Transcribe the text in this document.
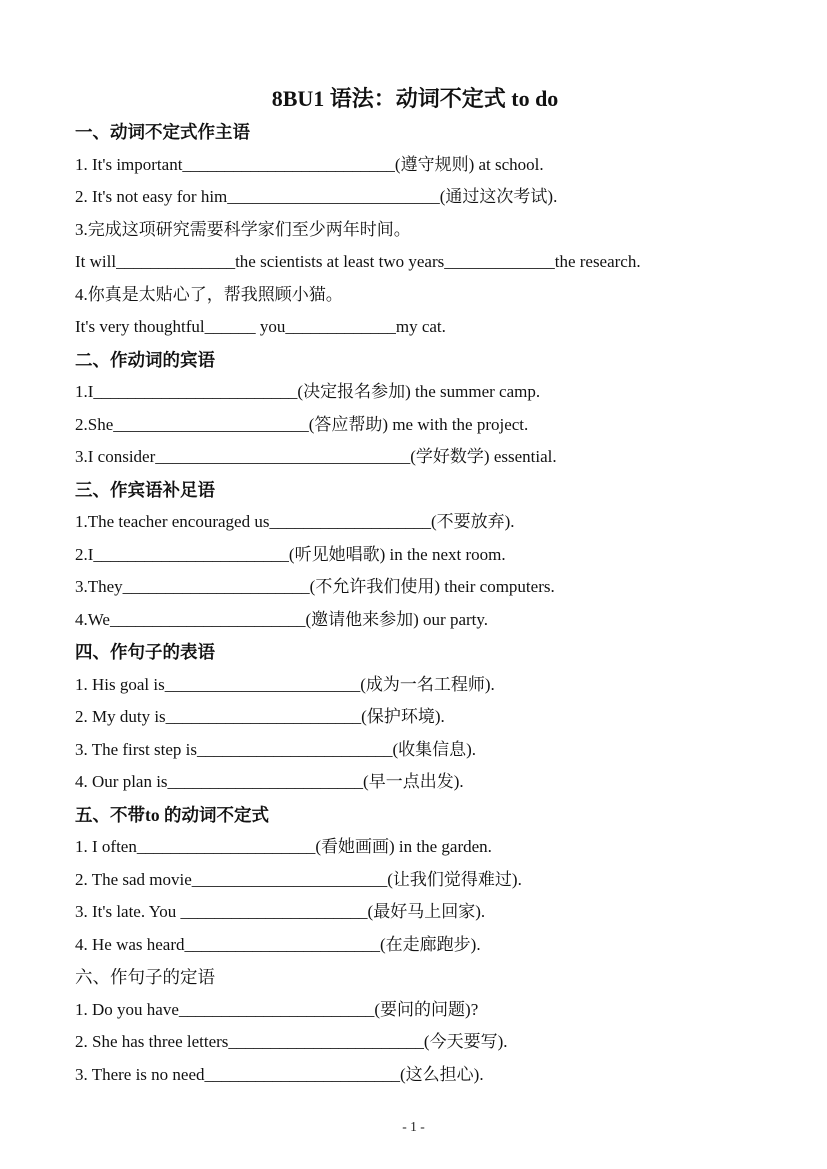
8BU1 语法：动词不定式 to do
一、动词不定式作主语

1. It's important_________________________(遵守规则) at school.

2. It's not easy for him_________________________(通过这次考试).

3.完成这项研究需要科学家们至少两年时间。

It will______________the scientists at least two years_____________the research.

4.你真是太贴心了，帮我照顾小猫。

It's very thoughtful______ you_____________my cat.

二、作动词的宾语

1.I________________________(决定报名参加) the summer camp.

2.She_______________________(答应帮助) me with the project.

3.I consider______________________________(学好数学) essential.

三、作宾语补足语

1.The teacher encouraged us___________________(不要放弃).

2.I_______________________(听见她唱歌) in the next room.

3.They______________________(不允许我们使用) their computers.

4.We_______________________(邀请他来参加) our party.

四、作句子的表语

1. His goal is_______________________(成为一名工程师).

2. My duty is_______________________(保护环境).

3. The first step is_______________________(收集信息).

4. Our plan is_______________________(早一点出发).

五、不带to 的动词不定式

1. I often_____________________(看她画画) in the garden.

2. The sad movie_______________________(让我们觉得难过).

3. It's late. You ______________________(最好马上回家).

4. He was heard_______________________(在走廊跑步).

六、作句子的定语

1. Do you have_______________________(要问的问题)?

2. She has three letters_______________________(今天要写).

3. There is no need_______________________(这么担心).

- 1 -
